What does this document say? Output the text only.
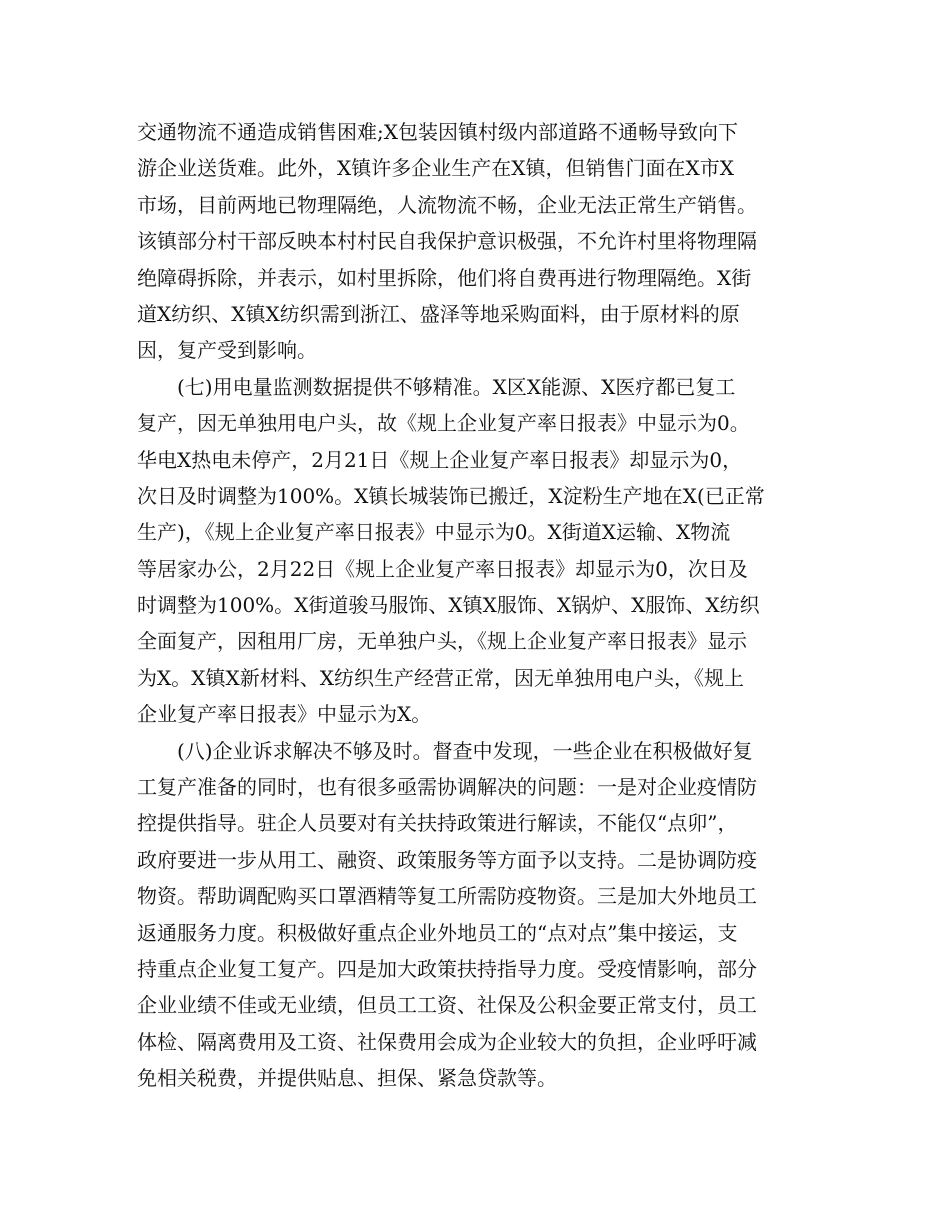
交通物流不通造成销售困难;X包装因镇村级内部道路不通畅导致向下
游企业送货难。此外，X镇许多企业生产在X镇，但销售门面在X市X
市场，目前两地已物理隔绝，人流物流不畅，企业无法正常生产销售。
该镇部分村干部反映本村村民自我保护意识极强，不允许村里将物理隔
绝障碍拆除，并表示，如村里拆除，他们将自费再进行物理隔绝。X街
道X纺织、X镇X纺织需到浙江、盛泽等地采购面料，由于原材料的原
因，复产受到影响。
(七)用电量监测数据提供不够精准。X区X能源、X医疗都已复工
复产，因无单独用电户头，故《规上企业复产率日报表》中显示为0。
华电X热电未停产，2月21日《规上企业复产率日报表》却显示为0，
次日及时调整为100%。X镇长城装饰已搬迁，X淀粉生产地在X(已正常
生产)，《规上企业复产率日报表》中显示为0。X街道X运输、X物流
等居家办公，2月22日《规上企业复产率日报表》却显示为0，次日及
时调整为100%。X街道骏马服饰、X镇X服饰、X锅炉、X服饰、X纺织
全面复产，因租用厂房，无单独户头，《规上企业复产率日报表》显示
为X。X镇X新材料、X纺织生产经营正常，因无单独用电户头，《规上
企业复产率日报表》中显示为X。
(八)企业诉求解决不够及时。督查中发现，一些企业在积极做好复
工复产准备的同时，也有很多亟需协调解决的问题：一是对企业疫情防
控提供指导。驻企人员要对有关扶持政策进行解读，不能仅“点卯”，
政府要进一步从用工、融资、政策服务等方面予以支持。二是协调防疫
物资。帮助调配购买口罩酒精等复工所需防疫物资。三是加大外地员工
返通服务力度。积极做好重点企业外地员工的“点对点”集中接运，支
持重点企业复工复产。四是加大政策扶持指导力度。受疫情影响，部分
企业业绩不佳或无业绩，但员工工资、社保及公积金要正常支付，员工
体检、隔离费用及工资、社保费用会成为企业较大的负担，企业呼吁减
免相关税费，并提供贴息、担保、紧急贷款等。
